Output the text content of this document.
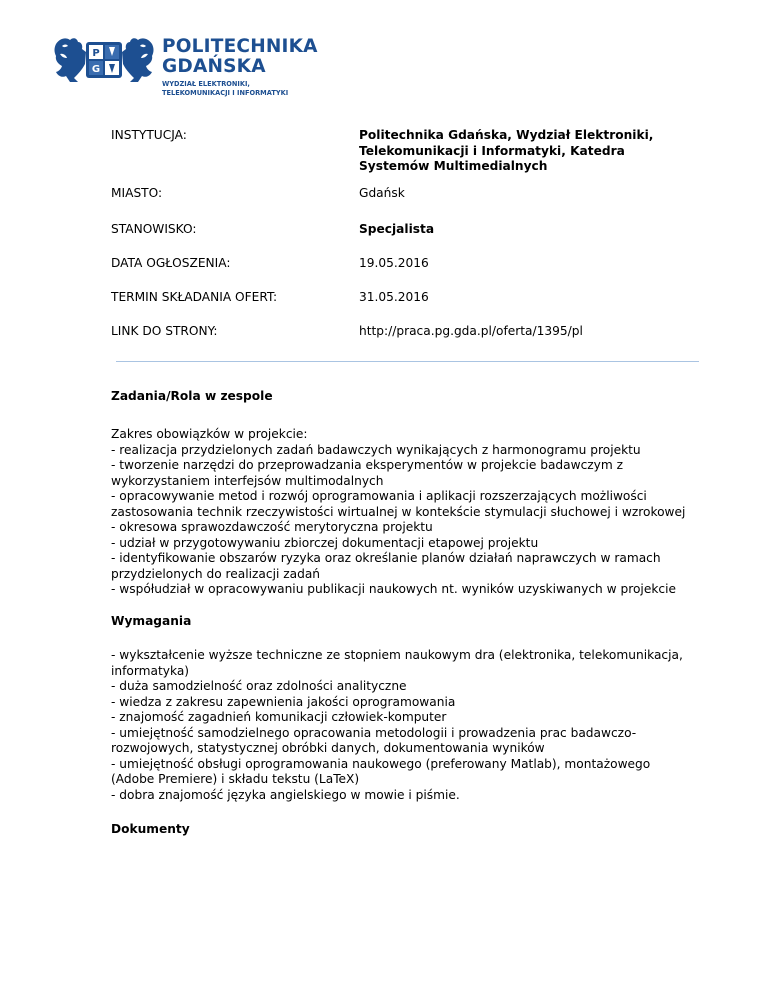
P
G
POLITECHNIKA
GDAŃSKA
WYDZIAŁ ELEKTRONIKI,
TELEKOMUNIKACJI I INFORMATYKI
INSTYTUCJA:	Politechnika Gdańska, Wydział Elektroniki,
Telekomunikacji i Informatyki, Katedra
Systemów Multimedialnych
MIASTO:	Gdańsk
STANOWISKO:	Specjalista
DATA OGŁOSZENIA:	19.05.2016
TERMIN SKŁADANIA OFERT:	31.05.2016
LINK DO STRONY:	http://praca.pg.gda.pl/oferta/1395/pl
Zadania/Rola w zespole
Zakres obowiązków w projekcie:
- realizacja przydzielonych zadań badawczych wynikających z harmonogramu projektu
- tworzenie narzędzi do przeprowadzania eksperymentów w projekcie badawczym z
wykorzystaniem interfejsów multimodalnych
- opracowywanie metod i rozwój oprogramowania i aplikacji rozszerzających możliwości
zastosowania technik rzeczywistości wirtualnej w kontekście stymulacji słuchowej i wzrokowej
- okresowa sprawozdawczość merytoryczna projektu
- udział w przygotowywaniu zbiorczej dokumentacji etapowej projektu
- identyfikowanie obszarów ryzyka oraz określanie planów działań naprawczych w ramach
przydzielonych do realizacji zadań
- współudział w opracowywaniu publikacji naukowych nt. wyników uzyskiwanych w projekcie
Wymagania
- wykształcenie wyższe techniczne ze stopniem naukowym dra (elektronika, telekomunikacja,
informatyka)
- duża samodzielność oraz zdolności analityczne
- wiedza z zakresu zapewnienia jakości oprogramowania
- znajomość zagadnień komunikacji człowiek-komputer
- umiejętność samodzielnego opracowania metodologii i prowadzenia prac badawczo-
rozwojowych, statystycznej obróbki danych, dokumentowania wyników
- umiejętność obsługi oprogramowania naukowego (preferowany Matlab), montażowego
(Adobe Premiere) i składu tekstu (LaTeX)
- dobra znajomość języka angielskiego w mowie i piśmie.
Dokumenty
